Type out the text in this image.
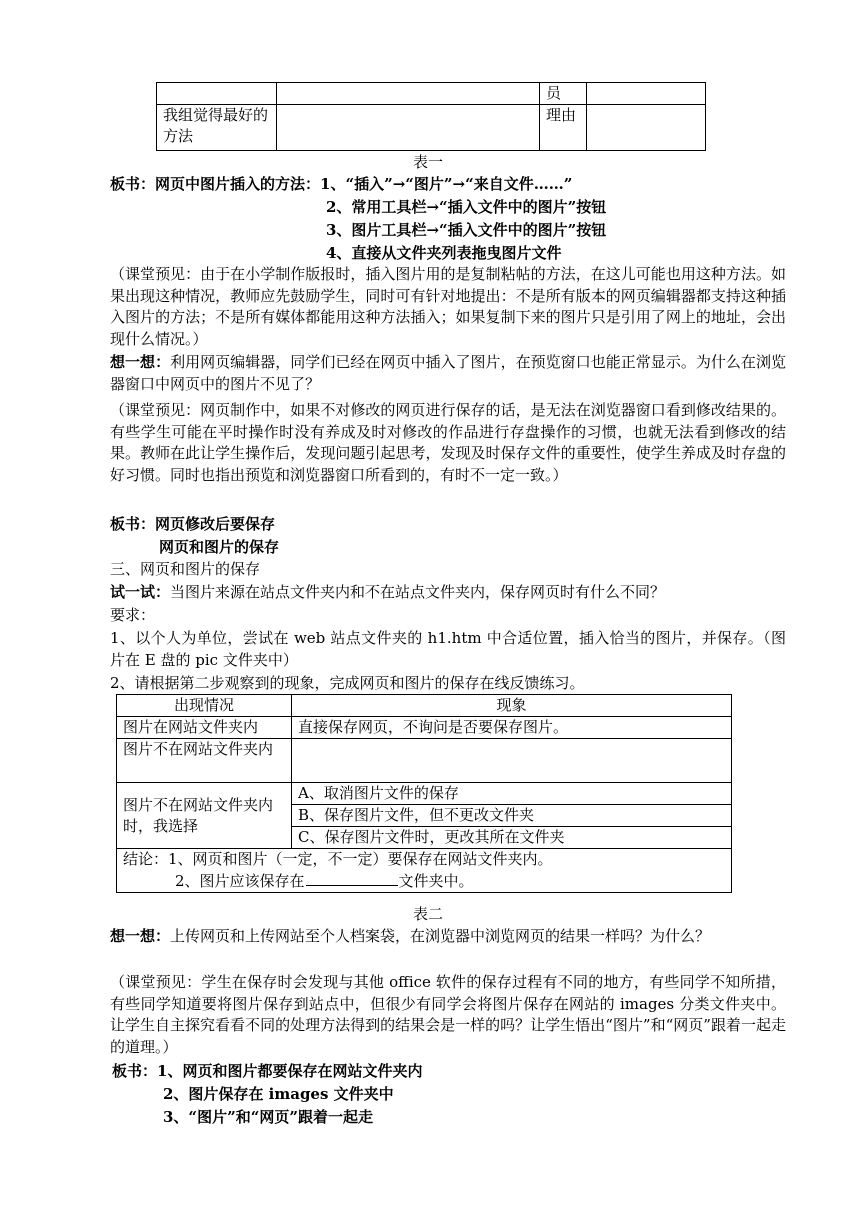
		员	
我组觉得最好的方法		理由	
表一
板书：网页中图片插入的方法：1、“插入”→“图片”→“来自文件……”
2、常用工具栏→“插入文件中的图片”按钮
3、图片工具栏→“插入文件中的图片”按钮
4、直接从文件夹列表拖曳图片文件
（课堂预见：由于在小学制作版报时，插入图片用的是复制粘帖的方法，在这儿可能也用这种方法。如果出现这种情况，教师应先鼓励学生，同时可有针对地提出：不是所有版本的网页编辑器都支持这种插入图片的方法；不是所有媒体都能用这种方法插入；如果复制下来的图片只是引用了网上的地址，会出现什么情况。）
想一想：利用网页编辑器，同学们已经在网页中插入了图片，在预览窗口也能正常显示。为什么在浏览器窗口中网页中的图片不见了？
（课堂预见：网页制作中，如果不对修改的网页进行保存的话，是无法在浏览器窗口看到修改结果的。有些学生可能在平时操作时没有养成及时对修改的作品进行存盘操作的习惯，也就无法看到修改的结果。教师在此让学生操作后，发现问题引起思考，发现及时保存文件的重要性，使学生养成及时存盘的好习惯。同时也指出预览和浏览器窗口所看到的，有时不一定一致。）
板书：网页修改后要保存
网页和图片的保存
三、网页和图片的保存
试一试：当图片来源在站点文件夹内和不在站点文件夹内，保存网页时有什么不同？
要求：
1、以个人为单位，尝试在 web 站点文件夹的 h1.htm 中合适位置，插入恰当的图片，并保存。（图片在 E 盘的 pic 文件夹中）
2、请根据第二步观察到的现象，完成网页和图片的保存在线反馈练习。
出现情况	现象
图片在网站文件夹内	直接保存网页，不询问是否要保存图片。
图片不在网站文件夹内	
图片不在网站文件夹内时，我选择	A、取消图片文件的保存
	B、保存图片文件，但不更改文件夹
	C、保存图片文件时，更改其所在文件夹

结论：1、网页和图片（一定，不一定）要保存在网站文件夹内。
2、图片应该保存在 文件夹中。	
表二
想一想：上传网页和上传网站至个人档案袋，在浏览器中浏览网页的结果一样吗？为什么？
（课堂预见：学生在保存时会发现与其他 office 软件的保存过程有不同的地方，有些同学不知所措，有些同学知道要将图片保存到站点中，但很少有同学会将图片保存在网站的 images 分类文件夹中。让学生自主探究看看不同的处理方法得到的结果会是一样的吗？让学生悟出“图片”和“网页”跟着一起走的道理。）
板书：1、网页和图片都要保存在网站文件夹内
2、图片保存在 images 文件夹中
3、“图片”和“网页”跟着一起走
